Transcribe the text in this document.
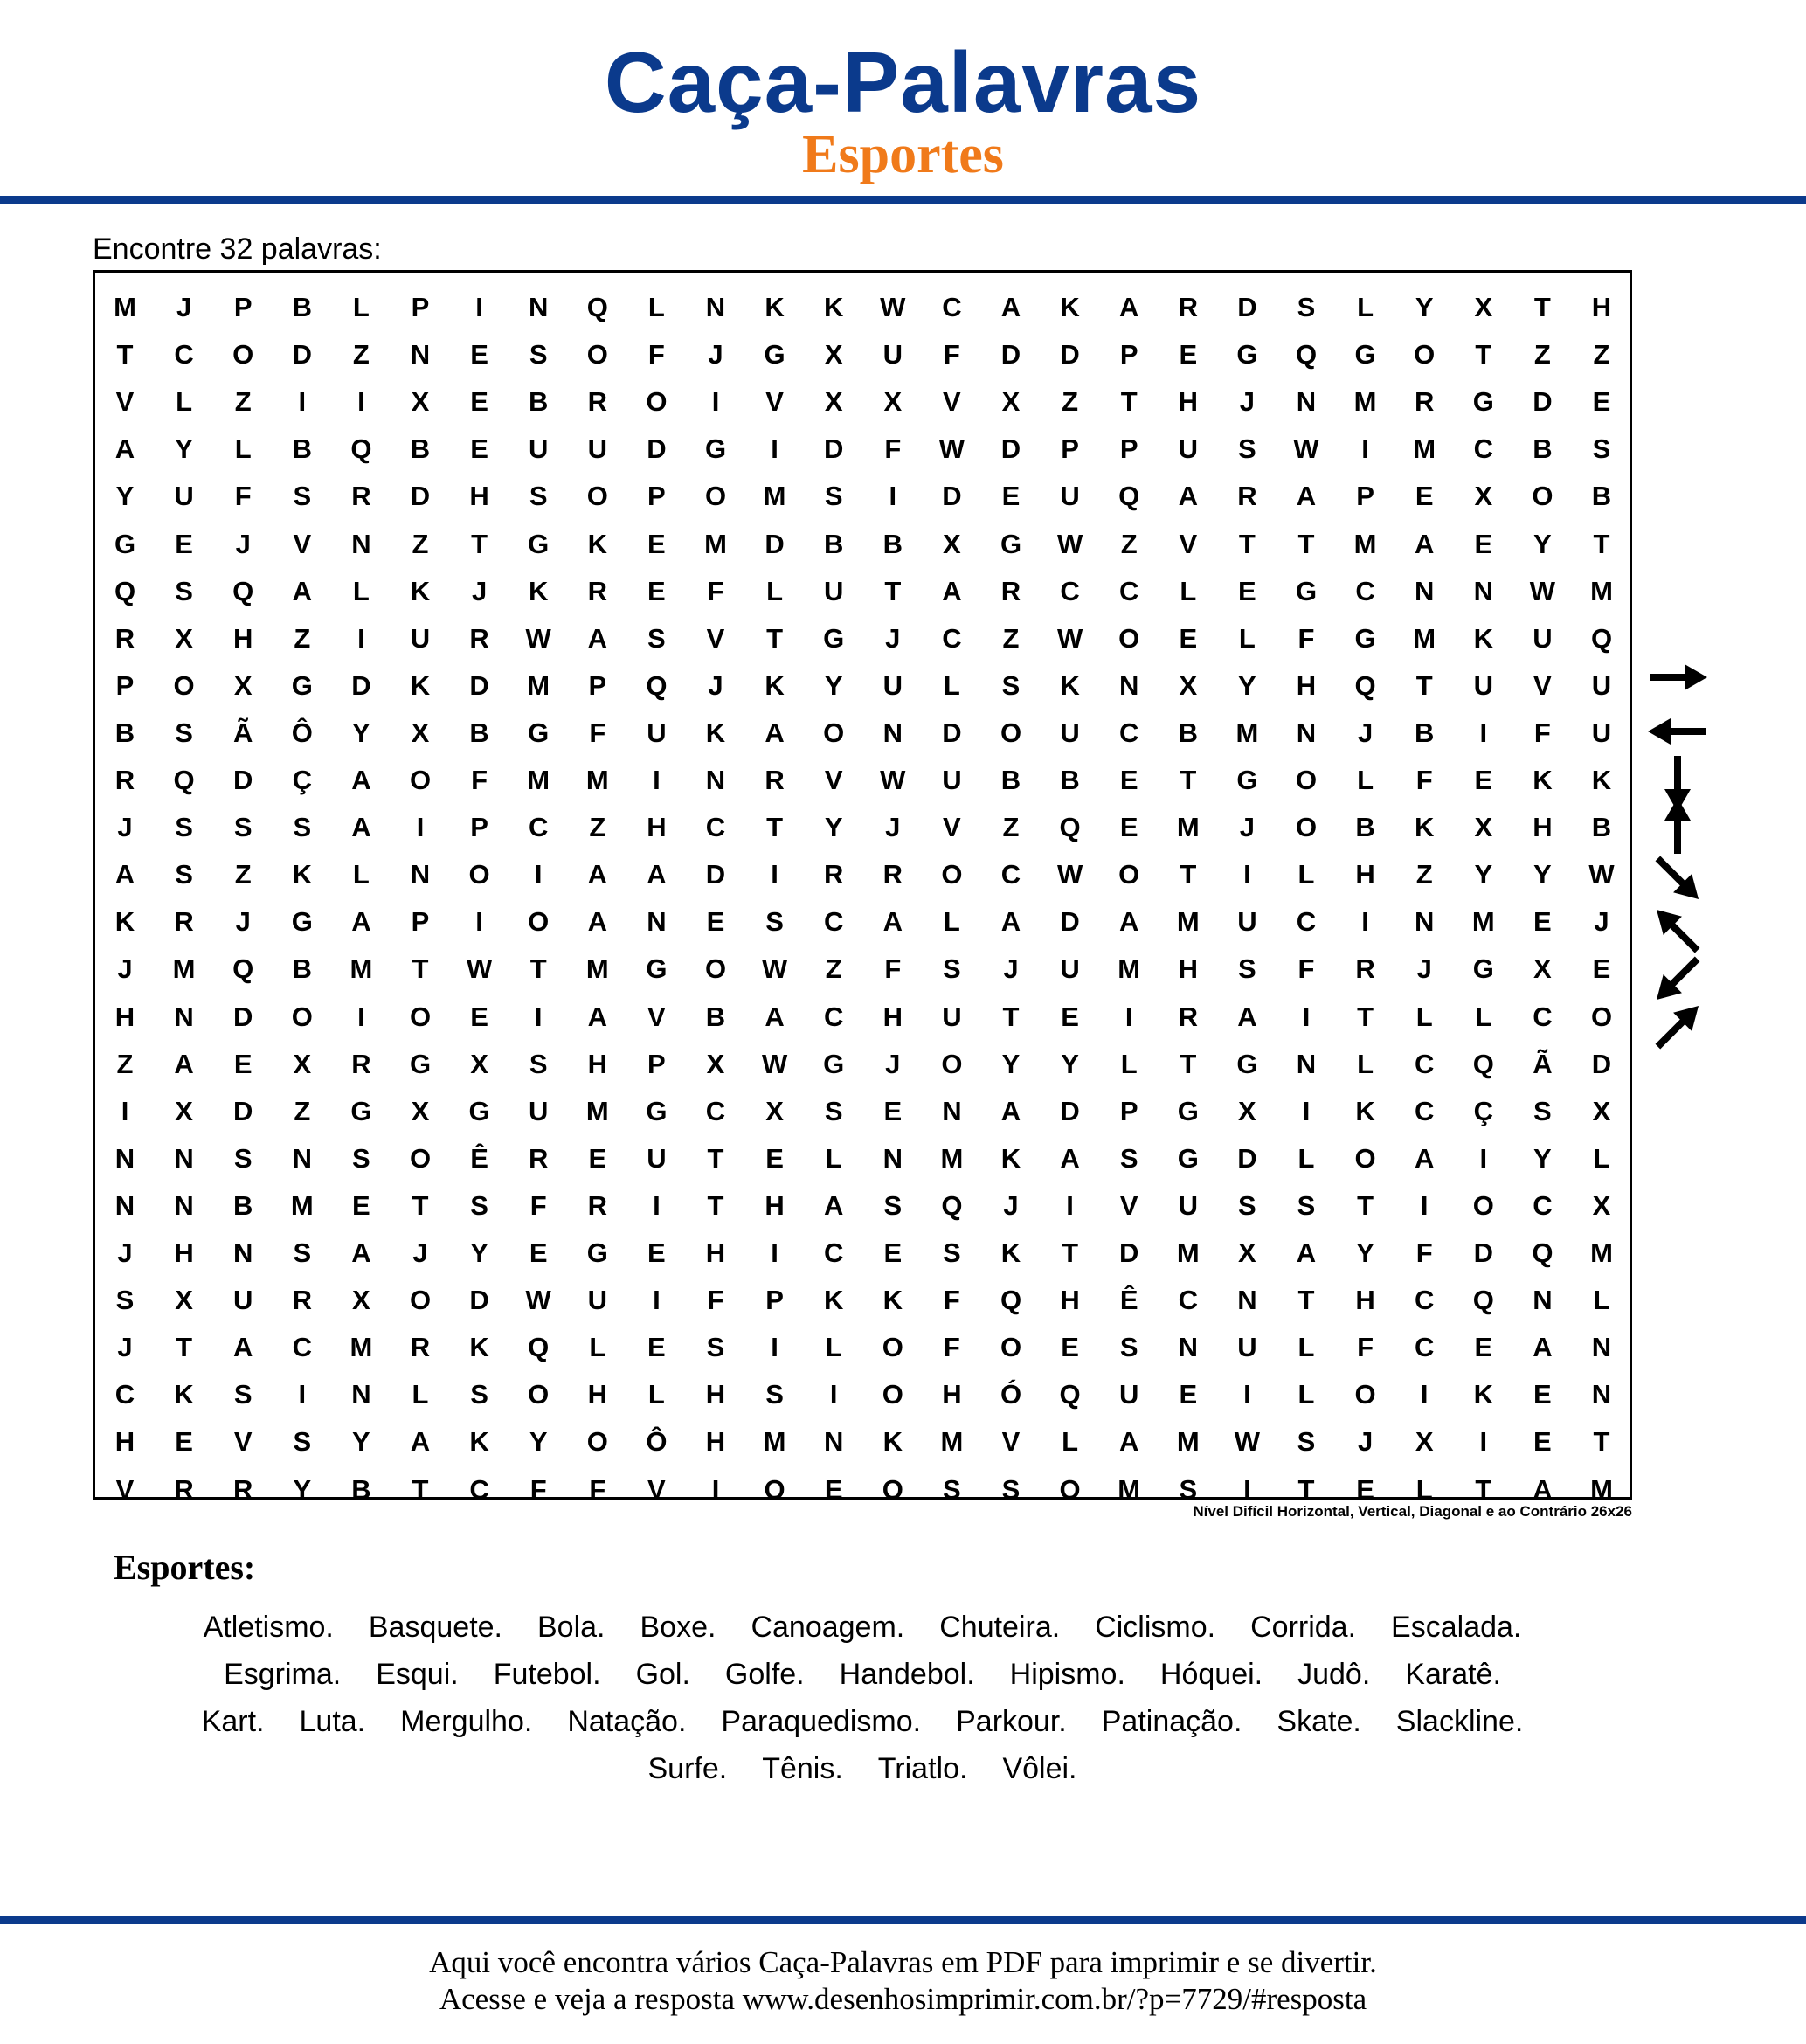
Caça-Palavras
Esportes
Encontre 32 palavras:
M	J	P	B	L	P	I	N	Q	L	N	K	K	W	C	A	K	A	R	D	S	L	Y	X	T	H
T	C	O	D	Z	N	E	S	O	F	J	G	X	U	F	D	D	P	E	G	Q	G	O	T	Z	Z
V	L	Z	I	I	X	E	B	R	O	I	V	X	X	V	X	Z	T	H	J	N	M	R	G	D	E
A	Y	L	B	Q	B	E	U	U	D	G	I	D	F	W	D	P	P	U	S	W	I	M	C	B	S
Y	U	F	S	R	D	H	S	O	P	O	M	S	I	D	E	U	Q	A	R	A	P	E	X	O	B
G	E	J	V	N	Z	T	G	K	E	M	D	B	B	X	G	W	Z	V	T	T	M	A	E	Y	T
Q	S	Q	A	L	K	J	K	R	E	F	L	U	T	A	R	C	C	L	E	G	C	N	N	W	M
R	X	H	Z	I	U	R	W	A	S	V	T	G	J	C	Z	W	O	E	L	F	G	M	K	U	Q
P	O	X	G	D	K	D	M	P	Q	J	K	Y	U	L	S	K	N	X	Y	H	Q	T	U	V	U
B	S	Ã	Ô	Y	X	B	G	F	U	K	A	O	N	D	O	U	C	B	M	N	J	B	I	F	U
R	Q	D	Ç	A	O	F	M	M	I	N	R	V	W	U	B	B	E	T	G	O	L	F	E	K	K
J	S	S	S	A	I	P	C	Z	H	C	T	Y	J	V	Z	Q	E	M	J	O	B	K	X	H	B
A	S	Z	K	L	N	O	I	A	A	D	I	R	R	O	C	W	O	T	I	L	H	Z	Y	Y	W
K	R	J	G	A	P	I	O	A	N	E	S	C	A	L	A	D	A	M	U	C	I	N	M	E	J
J	M	Q	B	M	T	W	T	M	G	O	W	Z	F	S	J	U	M	H	S	F	R	J	G	X	E
H	N	D	O	I	O	E	I	A	V	B	A	C	H	U	T	E	I	R	A	I	T	L	L	C	O
Z	A	E	X	R	G	X	S	H	P	X	W	G	J	O	Y	Y	L	T	G	N	L	C	Q	Ã	D
I	X	D	Z	G	X	G	U	M	G	C	X	S	E	N	A	D	P	G	X	I	K	C	Ç	S	X
N	N	S	N	S	O	Ê	R	E	U	T	E	L	N	M	K	A	S	G	D	L	O	A	I	Y	L
N	N	B	M	E	T	S	F	R	I	T	H	A	S	Q	J	I	V	U	S	S	T	I	O	C	X
J	H	N	S	A	J	Y	E	G	E	H	I	C	E	S	K	T	D	M	X	A	Y	F	D	Q	M
S	X	U	R	X	O	D	W	U	I	F	P	K	K	F	Q	H	Ê	C	N	T	H	C	Q	N	L
J	T	A	C	M	R	K	Q	L	E	S	I	L	O	F	O	E	S	N	U	L	F	C	E	A	N
C	K	S	I	N	L	S	O	H	L	H	S	I	O	H	Ó	Q	U	E	I	L	O	I	K	E	N
H	E	V	S	Y	A	K	Y	O	Ô	H	M	N	K	M	V	L	A	M	W	S	J	X	I	E	T
V	R	R	Y	B	T	C	F	F	V	I	O	E	O	S	S	O	M	S	I	T	E	L	T	A	M
Nível Difícil Horizontal, Vertical, Diagonal e ao Contrário 26x26
Esportes:
Atletismo. Basquete. Bola. Boxe. Canoagem. Chuteira. Ciclismo. Corrida. Escalada.
Esgrima. Esqui. Futebol. Gol. Golfe. Handebol. Hipismo. Hóquei. Judô. Karatê.
Kart. Luta. Mergulho. Natação. Paraquedismo. Parkour. Patinação. Skate. Slackline.
Surfe. Tênis. Triatlo. Vôlei.
Aqui você encontra vários Caça-Palavras em PDF para imprimir e se divertir.
Acesse e veja a resposta www.desenhosimprimir.com.br/?p=7729/#resposta
